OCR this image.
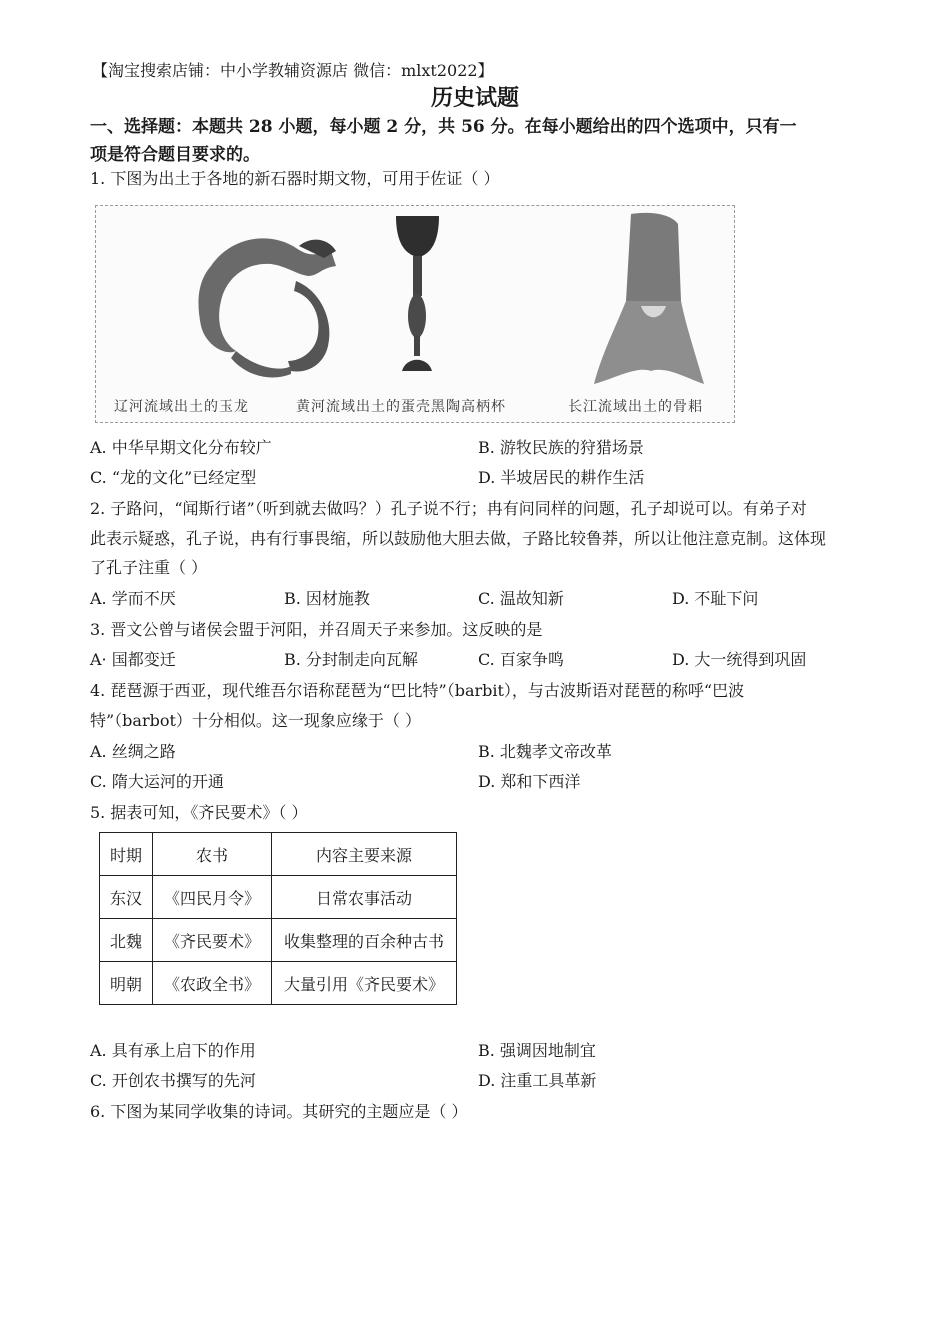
【淘宝搜索店铺：中小学教辅资源店 微信：mlxt2022】
历史试题
一、选择题：本题共 28 小题，每小题 2 分，共 56 分。在每小题给出的四个选项中，只有一
项是符合题目要求的。
1. 下图为出土于各地的新石器时期文物，可用于佐证（ ）
辽河流域出土的玉龙	黄河流域出土的蛋壳黑陶高柄杯	长江流域出土的骨耜
A. 中华早期文化分布较广	B. 游牧民族的狩猎场景
C. “龙的文化”已经定型	D. 半坡居民的耕作生活
2. 子路问，“闻斯行诸”（听到就去做吗？）孔子说不行；冉有问同样的问题，孔子却说可以。有弟子对
此表示疑惑，孔子说，冉有行事畏缩，所以鼓励他大胆去做，子路比较鲁莽，所以让他注意克制。这体现
了孔子注重（ ）
A. 学而不厌	B. 因材施教	C. 温故知新	D. 不耻下问
3. 晋文公曾与诸侯会盟于河阳，并召周天子来参加。这反映的是
A· 国都变迁	B. 分封制走向瓦解	C. 百家争鸣	D. 大一统得到巩固
4. 琵琶源于西亚，现代维吾尔语称琵琶为“巴比特”（barbit），与古波斯语对琵琶的称呼“巴波
特”（barbot）十分相似。这一现象应缘于（ ）
A. 丝绸之路	B. 北魏孝文帝改革
C. 隋大运河的开通	D. 郑和下西洋
5. 据表可知，《齐民要术》（ ）
时期	农书	内容主要来源
东汉	《四民月令》	日常农事活动
北魏	《齐民要术》	收集整理的百余种古书
明朝	《农政全书》	大量引用《齐民要术》
A. 具有承上启下的作用	B. 强调因地制宜
C. 开创农书撰写的先河	D. 注重工具革新
6. 下图为某同学收集的诗词。其研究的主题应是（ ）
